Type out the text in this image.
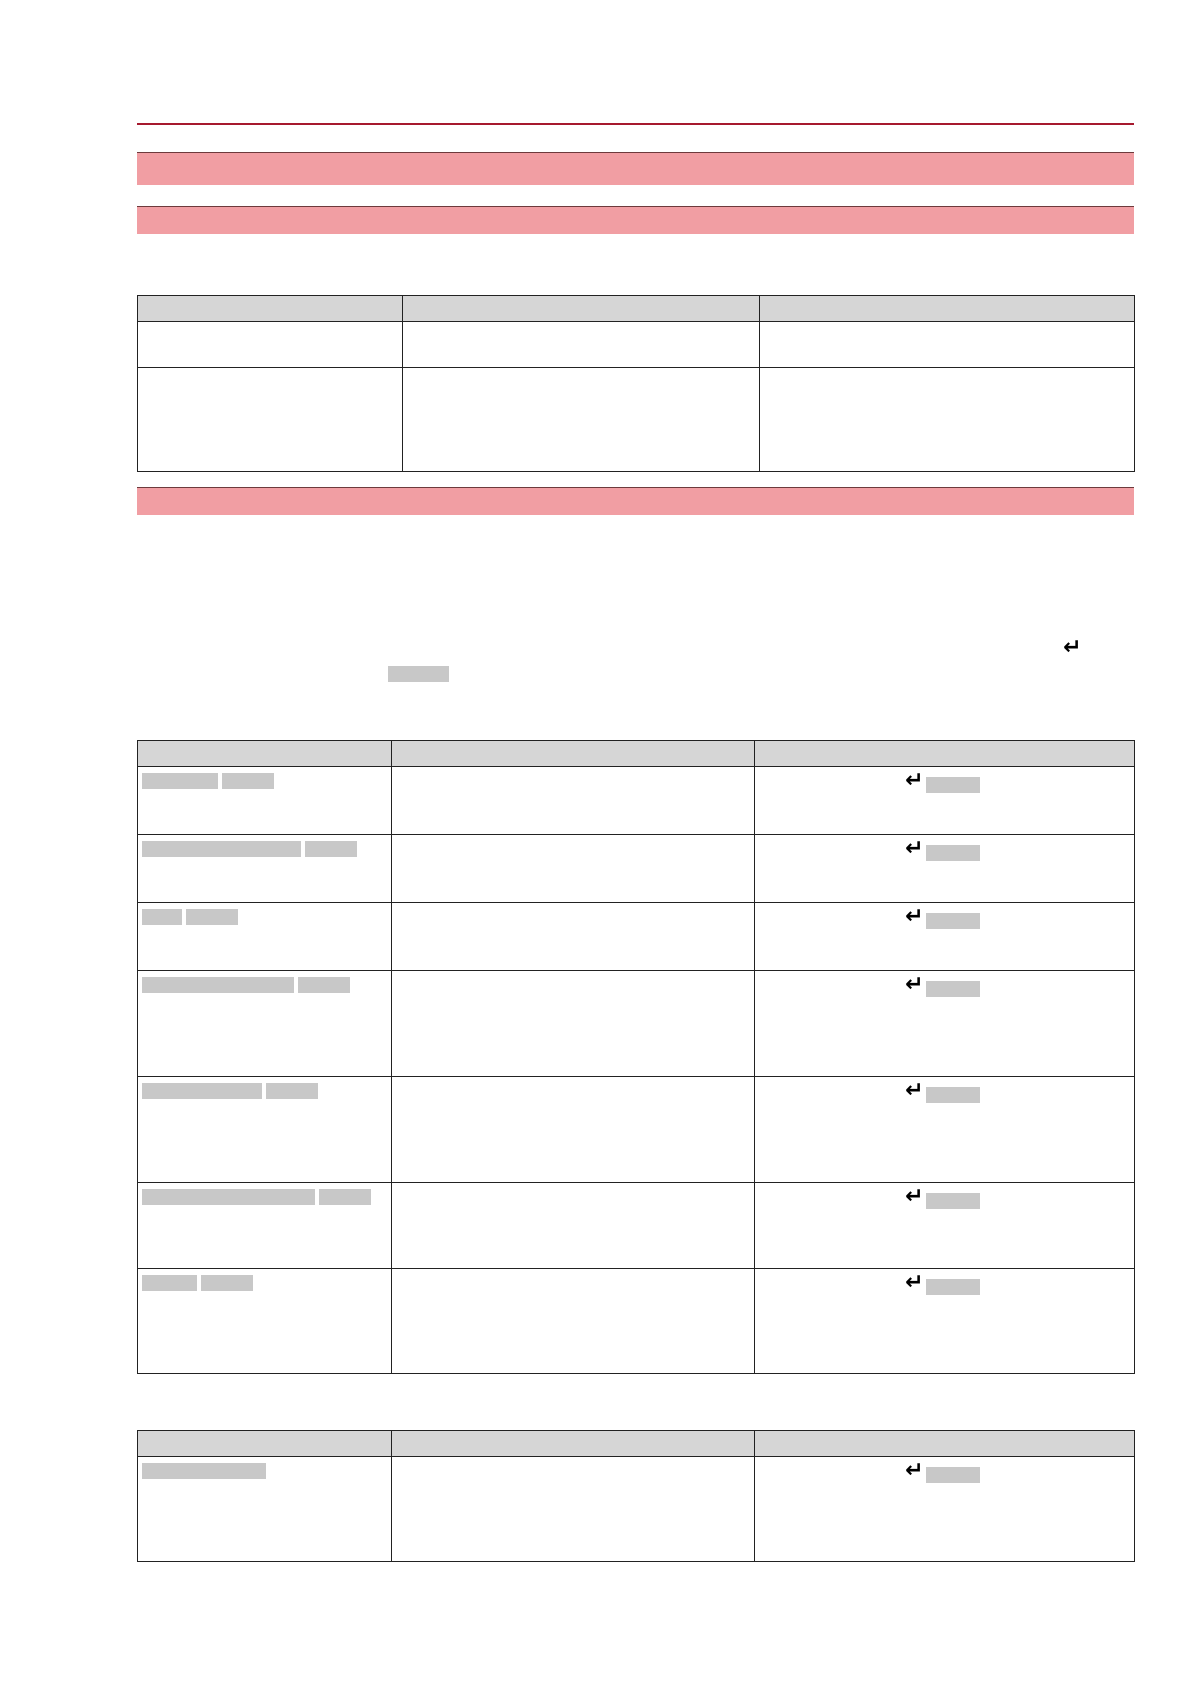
↵

		↵

		↵

		↵

		↵

		↵

		↵

		↵

		↵
